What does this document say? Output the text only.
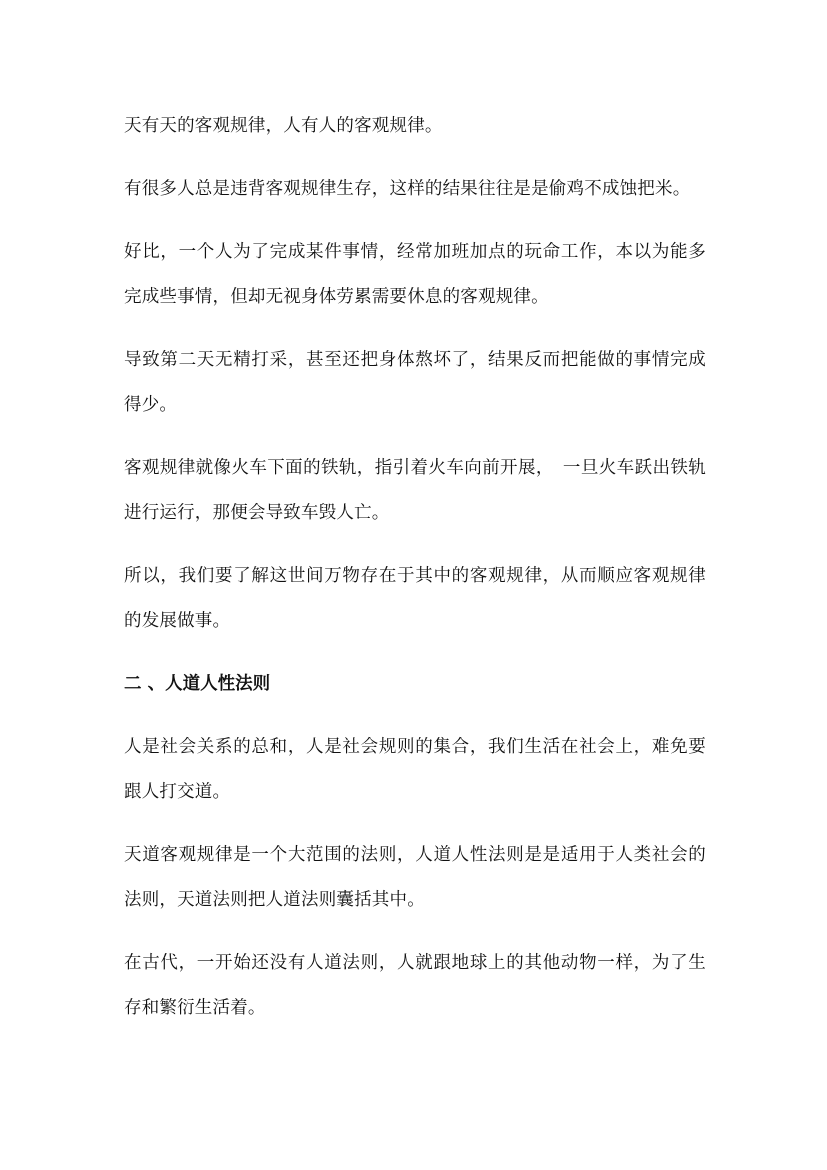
天有天的客观规律，人有人的客观规律。

有很多人总是违背客观规律生存，这样的结果往往是是偷鸡不成蚀把米。

好比，一个人为了完成某件事情，经常加班加点的玩命工作，本以为能多完成些事情，但却无视身体劳累需要休息的客观规律。

导致第二天无精打采，甚至还把身体熬坏了，结果反而把能做的事情完成得少。

客观规律就像火车下面的铁轨，指引着火车向前开展，　一旦火车跃出铁轨进行运行，那便会导致车毁人亡。

所以，我们要了解这世间万物存在于其中的客观规律，从而顺应客观规律的发展做事。

二 、人道人性法则

人是社会关系的总和，人是社会规则的集合，我们生活在社会上，难免要跟人打交道。

天道客观规律是一个大范围的法则，人道人性法则是是适用于人类社会的法则，天道法则把人道法则囊括其中。

在古代，一开始还没有人道法则，人就跟地球上的其他动物一样，为了生存和繁衍生活着。
